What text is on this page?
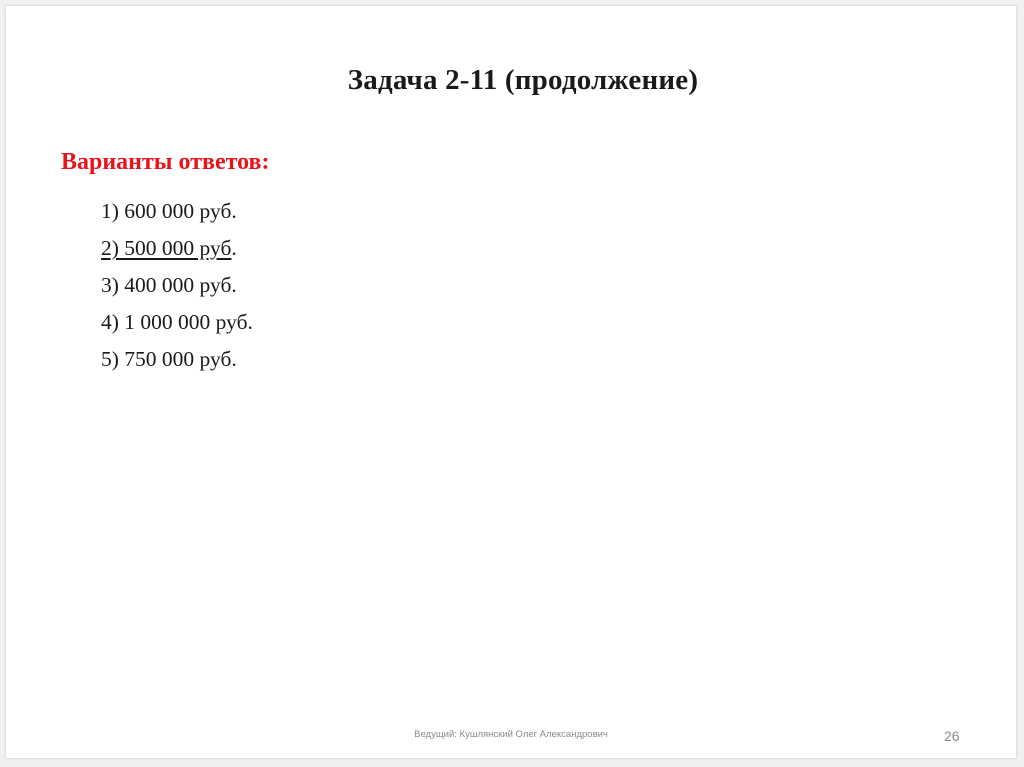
Задача 2-11 (продолжение)
Варианты ответов:
1) 600 000 руб.
2) 500 000 руб.
3) 400 000 руб.
4) 1 000 000 руб.
5) 750 000 руб.
Ведущий: Кушлянский Олег Александрович	26
